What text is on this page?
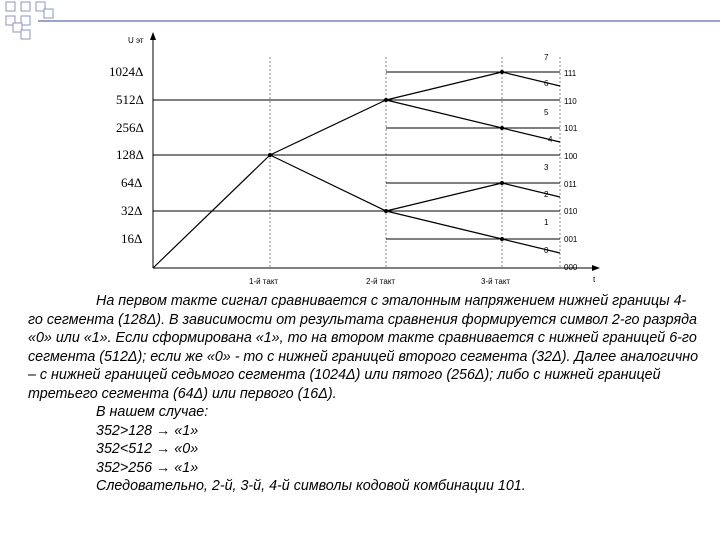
U эт
t
1024Δ
512Δ
256Δ
128Δ
64Δ
32Δ
16Δ
7
6
5
4
3
2
1
0
111
110
101
100
011
010
001
000
1-й такт	2-й такт	3-й такт

На первом такте сигнал сравнивается с эталонным напряжением нижней границы 4-го сегмента (128Δ). В зависимости от результата сравнения формируется символ 2-го разряда «0» или «1». Если сформирована «1», то на втором такте сравнивается с нижней границей 6-го сегмента (512Δ); если же «0» - то с нижней границей второго сегмента (32Δ). Далее аналогично – с нижней границей седьмого сегмента (1024Δ) или пятого (256Δ); либо с нижней границей третьего сегмента (64Δ) или первого (16Δ).

В нашем случае:

352>128 → «1»

352<512 → «0»

352>256 → «1»

Следовательно, 2-й, 3-й, 4-й символы кодовой комбинации 101.
